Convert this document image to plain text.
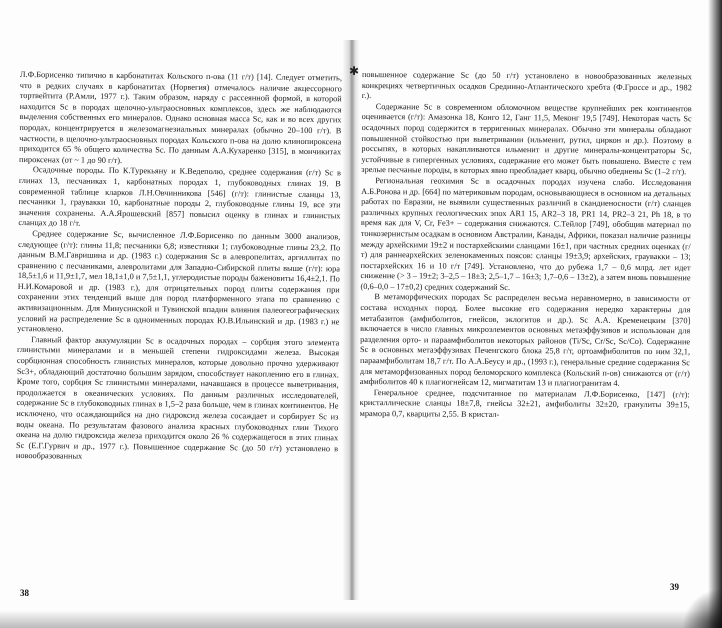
Л.Ф.Борисенко типично в карбонатитах Кольского п-ова (11 г/т) [14]. Следует отметить, что в редких случаях в карбонатитах (Норвегия) отмечалось наличие акцессорного тортвейтита (Р.Амли, 1977 г.). Таким образом, наряду с рассеянной формой, в которой находится Sc в породах щелочно-ультраосновных комплексов, здесь же наблюдаются выделения собственных его минералов. Однако основная масса Sc, как и во всех других породах, концентрируется в железомагнезиальных минералах (обычно 20–100 г/т). В частности, в щелочно-ультраосновных породах Кольского п-ова на долю клинопироксена приходится 65 % общего количества Sc. По данным А.А.Кухаренко [315], в мончикитах пироксенах (от ~ 1 до 90 г/т).

Осадочные породы. По К.Турекьяну и К.Ведеполю, среднее содержания (г/т) Sc в глинах 13, песчаниках 1, карбонатных породах 1, глубоководных глинах 19. В современной таблице кларков Л.Н.Овчинникова [546] (г/т): глинистые сланцы 13, песчаники 1, граувакки 10, карбонатные породы 2, глубоководные глины 19, все эти значения сохранены. А.А.Ярошевский [857] повысил оценку в глинах и глинистых сланцах до 18 г/т.

Среднее содержание Sc, вычисленное Л.Ф.Борисенко по данным 3000 анализов, следующее (г/т): глины 11,8; песчаники 6,8; известняки 1; глубоководные глины 23,2. По данным В.М.Гавришина и др. (1983 г.) содержания Sc в алевропелитах, аргиллитах по сравнению с песчаниками, алевролитами для Западно-Сибирской плиты выше (г/т): юра 18,5±1,6 и 11,9±1,7, мел 18,1±1,0 и 7,5±1,1, углеродистые породы баженовиты 16,4±2,1. По Н.И.Комаровой и др. (1983 г.), для отрицательных пород плиты содержания при сохранении этих тенденций выше для пород платформенного этапа по сравнению с активизационным. Для Минусинской и Тувинской впадин влияния палеогеографических условий на распределение Sc в одноименных породах Ю.В.Ильинский и др. (1983 г.) не установлено.

Главный фактор аккумуляции Sc в осадочных породах – сорбция этого элемента глинистыми минералами и в меньшей степени гидроксидами железа. Высокая сорбционная способность глинистых минералов, которые довольно прочно удерживают Sc3+, обладающий достаточно большим зарядом, способствует накоплению его в глинах. Кроме того, сорбция Sc глинистыми минералами, начавшаяся в процессе выветривания, продолжается в океанических условиях. По данным различных исследователей, содержание Sc в глубоководных глинах в 1,5–2 раза больше, чем в глинах континентов. Не исключено, что осаждающийся на дно гидроксид железа сосаждает и сорбирует Sc из воды океана. По результатам фазового анализа красных глубоководных глин Тихого океана на долю гидроксида железа приходится около 26 % содержащегося в этих глинах Sc (Е.Г.Гурвич и др., 1977 г.). Повышенное содержание Sc (до 50 г/т) установлено в новообразованных

✱ повышенное содержание Sc (до 50 г/т) установлено в новообразованных железных конкрециях четвертичных осадков Срединно-Атлантического хребта (Ф.Гроссе и др., 1982 г.).

Содержание Sc в современном обломочном веществе крупнейших рек континентов оценивается (г/т): Амазонка 18, Конго 12, Ганг 11,5, Меконг 19,5 [749]. Некоторая часть Sc осадочных пород содержится в терригенных минералах. Обычно эти минералы обладают повышенной стойкостью при выветривании (ильменит, рутил, циркон и др.). Поэтому в россыпях, в которых накапливаются ильменит и другие минералы-концентраторы Sc, устойчивые в гипергенных условиях, содержание его может быть повышено. Вместе с тем зрелые песчаные породы, в которых явно преобладает кварц, обычно обеднены Sc (1–2 г/т).

Региональная геохимия Sc в осадочных породах изучена слабо. Исследования А.Б.Ронова и др. [664] по материковым породам, основывающиеся в основном на детальных работах по Евразии, не выявили существенных различий в скандиеносности (г/т) сланцев различных крупных геологических эпох AR1 15, AR2–3 18, PR1 14, PR2–3 21, Ph 18, в то время как для V, Cr, Fe3+ – содержания снижаются. С.Тейлор [749], обобщив материал по тонкозернистым осадкам в основном Австралии, Канады, Африки, показал наличие разницы между архейскими 19±2 и постархейскими сланцами 16±1, при частных средних оценках (г/т) для раннеархейских зеленокаменных поясов: сланцы 19±3,9; архейских, граувакки – 13; постархейских 16 и 10 г/т [749]. Установлено, что до рубежа 1,7 – 0,6 млрд. лет идет снижение (> 3 – 19±2; 3–2,5 – 18±3; 2,5–1,7 – 16±3; 1,7–0,6 – 13±2), а затем вновь повышение (0,6–0,0 – 17±0,2) средних содержаний Sc.

В метаморфических породах Sc распределен весьма неравномерно, в зависимости от состава исходных пород. Более высокие его содержания нередко характерны для метабазитов (амфиболитов, гнейсов, эклогитов и др.). Sc А.А. Кременецким [370] включается в число главных микроэлементов основных метаэффузивов и использован для разделения орто- и параамфиболитов некоторых районов (Ti/Sc, Cr/Sc, Sc/Co). Содержание Sc в основных метаэффузивах Печенгского блока 25,8 г/т, ортоамфиболитов по ним 32,1, параамфиболитам 18,7 г/т. По А.А.Беусу и др., (1993 г.), генеральные средние содержания Sc для метаморфизованных пород беломорского комплекса (Кольский п-ов) снижаются от (г/т) амфиболитов 40 к плагиогнейсам 12, мигматитам 13 и плагиогранитам 4.

Генеральное среднее, подсчитанное по материалам Л.Ф.Борисенко, [147] (г/т): кристаллические сланцы 18±7,8, гнейсы 32±21, амфиболиты 32±20, гранулиты 39±15, мрамора 0,7, кварциты 2,55. В кристал-

38
39
